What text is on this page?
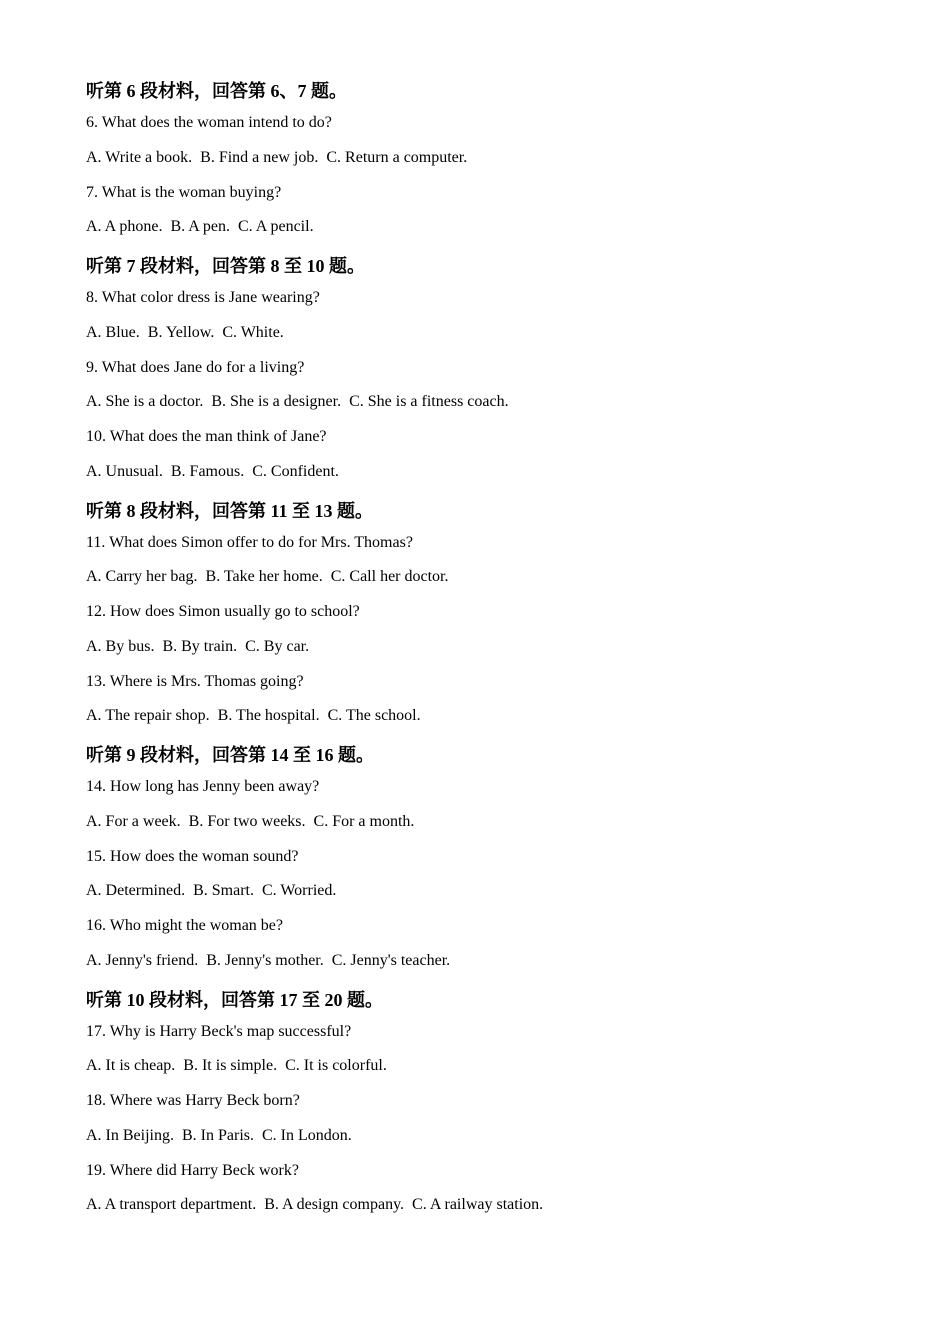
听第 6 段材料，回答第 6、7 题。

6. What does the woman intend to do?

A. Write a book.  B. Find a new job.  C. Return a computer.

7. What is the woman buying?

A. A phone.  B. A pen.  C. A pencil.

听第 7 段材料，回答第 8 至 10 题。

8. What color dress is Jane wearing?

A. Blue.  B. Yellow.  C. White.

9. What does Jane do for a living?

A. She is a doctor.  B. She is a designer.  C. She is a fitness coach.

10. What does the man think of Jane?

A. Unusual.  B. Famous.  C. Confident.

听第 8 段材料，回答第 11 至 13 题。

11. What does Simon offer to do for Mrs. Thomas?

A. Carry her bag.  B. Take her home.  C. Call her doctor.

12. How does Simon usually go to school?

A. By bus.  B. By train.  C. By car.

13. Where is Mrs. Thomas going?

A. The repair shop.  B. The hospital.  C. The school.

听第 9 段材料，回答第 14 至 16 题。

14. How long has Jenny been away?

A. For a week.  B. For two weeks.  C. For a month.

15. How does the woman sound?

A. Determined.  B. Smart.  C. Worried.

16. Who might the woman be?

A. Jenny's friend.  B. Jenny's mother.  C. Jenny's teacher.

听第 10 段材料，回答第 17 至 20 题。

17. Why is Harry Beck's map successful?

A. It is cheap.  B. It is simple.  C. It is colorful.

18. Where was Harry Beck born?

A. In Beijing.  B. In Paris.  C. In London.

19. Where did Harry Beck work?

A. A transport department.  B. A design company.  C. A railway station.
